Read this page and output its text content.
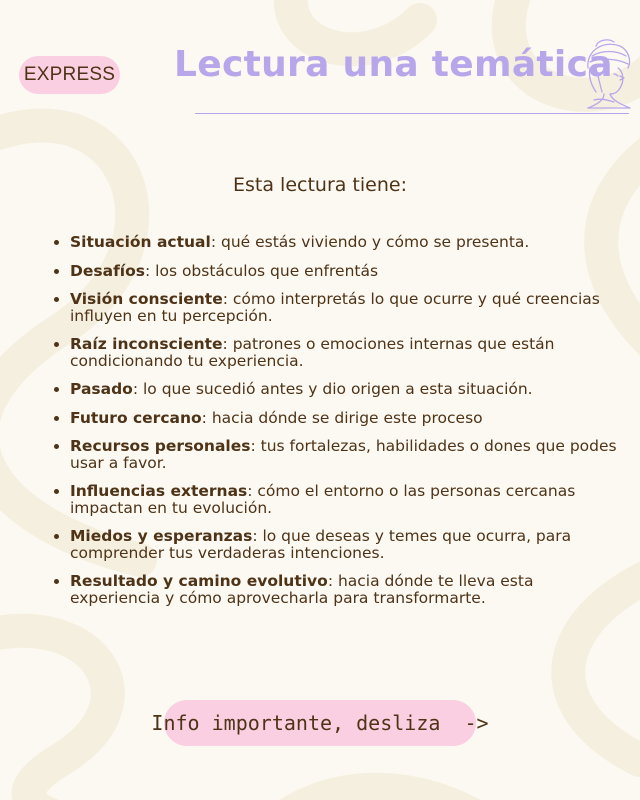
EXPRESS Lectura una temática
Esta lectura tiene:
Situación actual: qué estás viviendo y cómo se presenta.
Desafíos: los obstáculos que enfrentás
Visión consciente: cómo interpretás lo que ocurre y qué creencias influyen en tu percepción.
Raíz inconsciente: patrones o emociones internas que están condicionando tu experiencia.
Pasado: lo que sucedió antes y dio origen a esta situación.
Futuro cercano: hacia dónde se dirige este proceso
Recursos personales: tus fortalezas, habilidades o dones que podes usar a favor.
Influencias externas: cómo el entorno o las personas cercanas impactan en tu evolución.
Miedos y esperanzas: lo que deseas y temes que ocurra, para comprender tus verdaderas intenciones.
Resultado y camino evolutivo: hacia dónde te lleva esta experiencia y cómo aprovecharla para transformarte.
Info importante, desliza  ->
